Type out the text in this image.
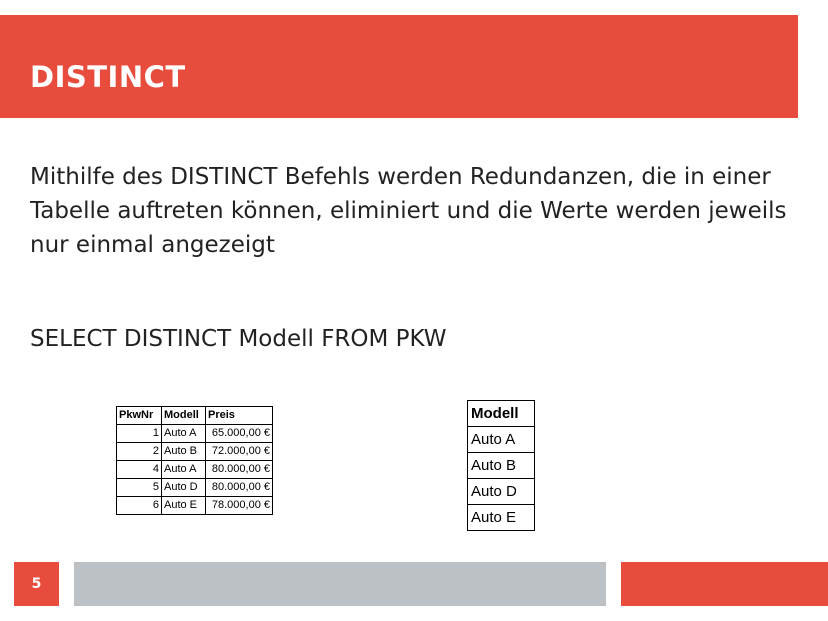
DISTINCT
Mithilfe des DISTINCT Befehls werden Redundanzen, die in einer Tabelle auftreten können, eliminiert und die Werte werden jeweils nur einmal angezeigt
SELECT DISTINCT Modell FROM PKW
PkwNr	Modell	Preis
1	Auto A	65.000,00 €
2	Auto B	72.000,00 €
4	Auto A	80.000,00 €
5	Auto D	80.000,00 €
6	Auto E	78.000,00 €
Modell
Auto A
Auto B
Auto D
Auto E
5
